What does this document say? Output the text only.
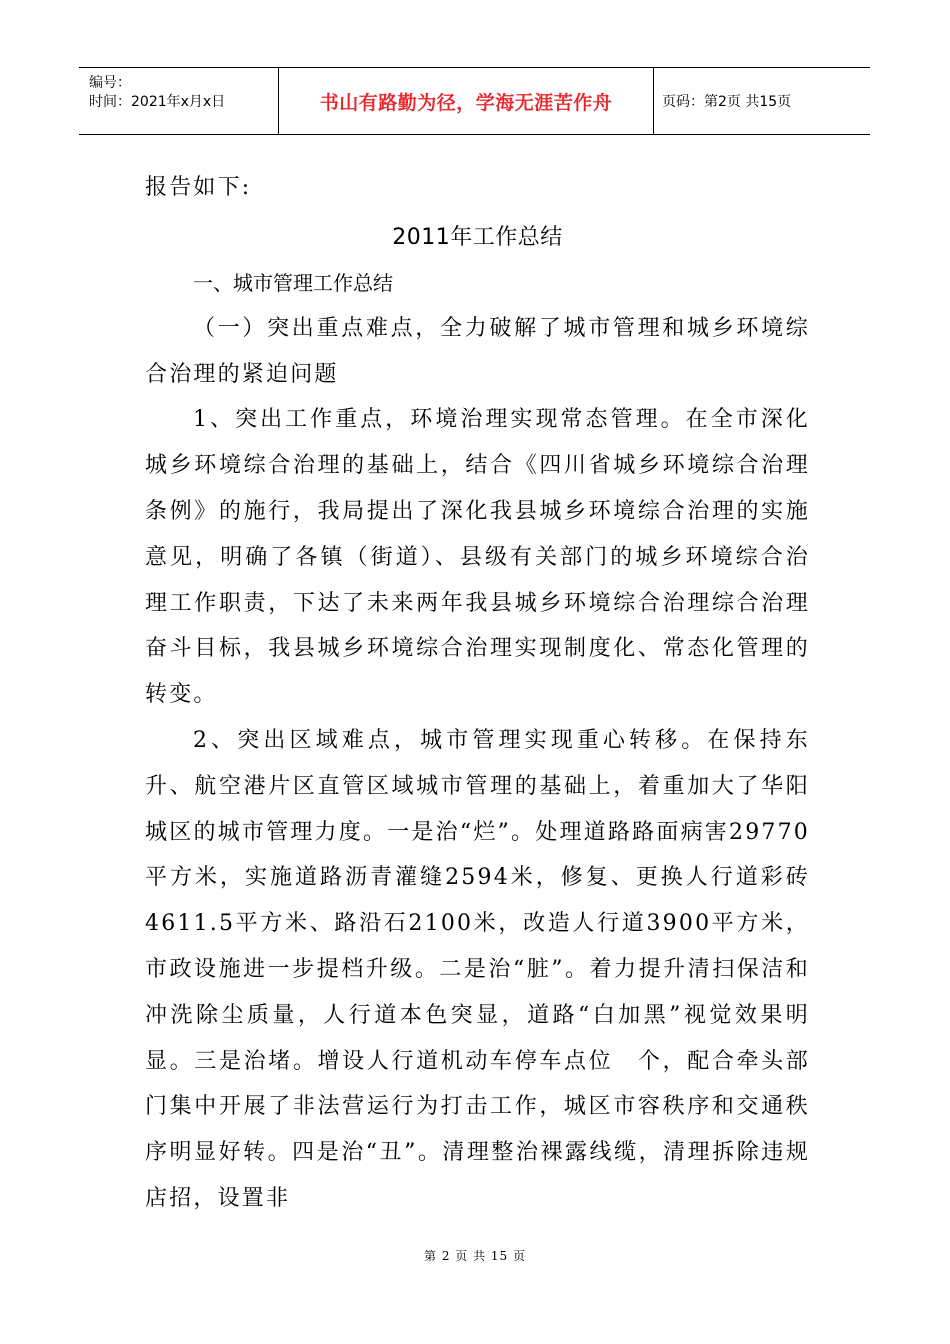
编号：
时间：2021年x月x日	书山有路勤为径，学海无涯苦作舟	页码：第2页 共15页

报告如下:

2011年工作总结

一、城市管理工作总结

（一）突出重点难点，全力破解了城市管理和城乡环境综合治理的紧迫问题

1、突出工作重点，环境治理实现常态管理。在全市深化城乡环境综合治理的基础上，结合《四川省城乡环境综合治理条例》的施行，我局提出了深化我县城乡环境综合治理的实施意见，明确了各镇（街道）、县级有关部门的城乡环境综合治理工作职责，下达了未来两年我县城乡环境综合治理综合治理奋斗目标，我县城乡环境综合治理实现制度化、常态化管理的转变。

2、突出区域难点，城市管理实现重心转移。在保持东升、航空港片区直管区域城市管理的基础上，着重加大了华阳城区的城市管理力度。一是治“烂”。处理道路路面病害29770平方米，实施道路沥青灌缝2594米，修复、更换人行道彩砖4611.5平方米、路沿石2100米，改造人行道3900平方米，市政设施进一步提档升级。二是治“脏”。着力提升清扫保洁和冲洗除尘质量，人行道本色突显，道路“白加黑”视觉效果明显。三是治堵。增设人行道机动车停车点位　个，配合牵头部门集中开展了非法营运行为打击工作，城区市容秩序和交通秩序明显好转。四是治“丑”。清理整治裸露线缆，清理拆除违规店招，设置非

第 2 页 共 15 页
